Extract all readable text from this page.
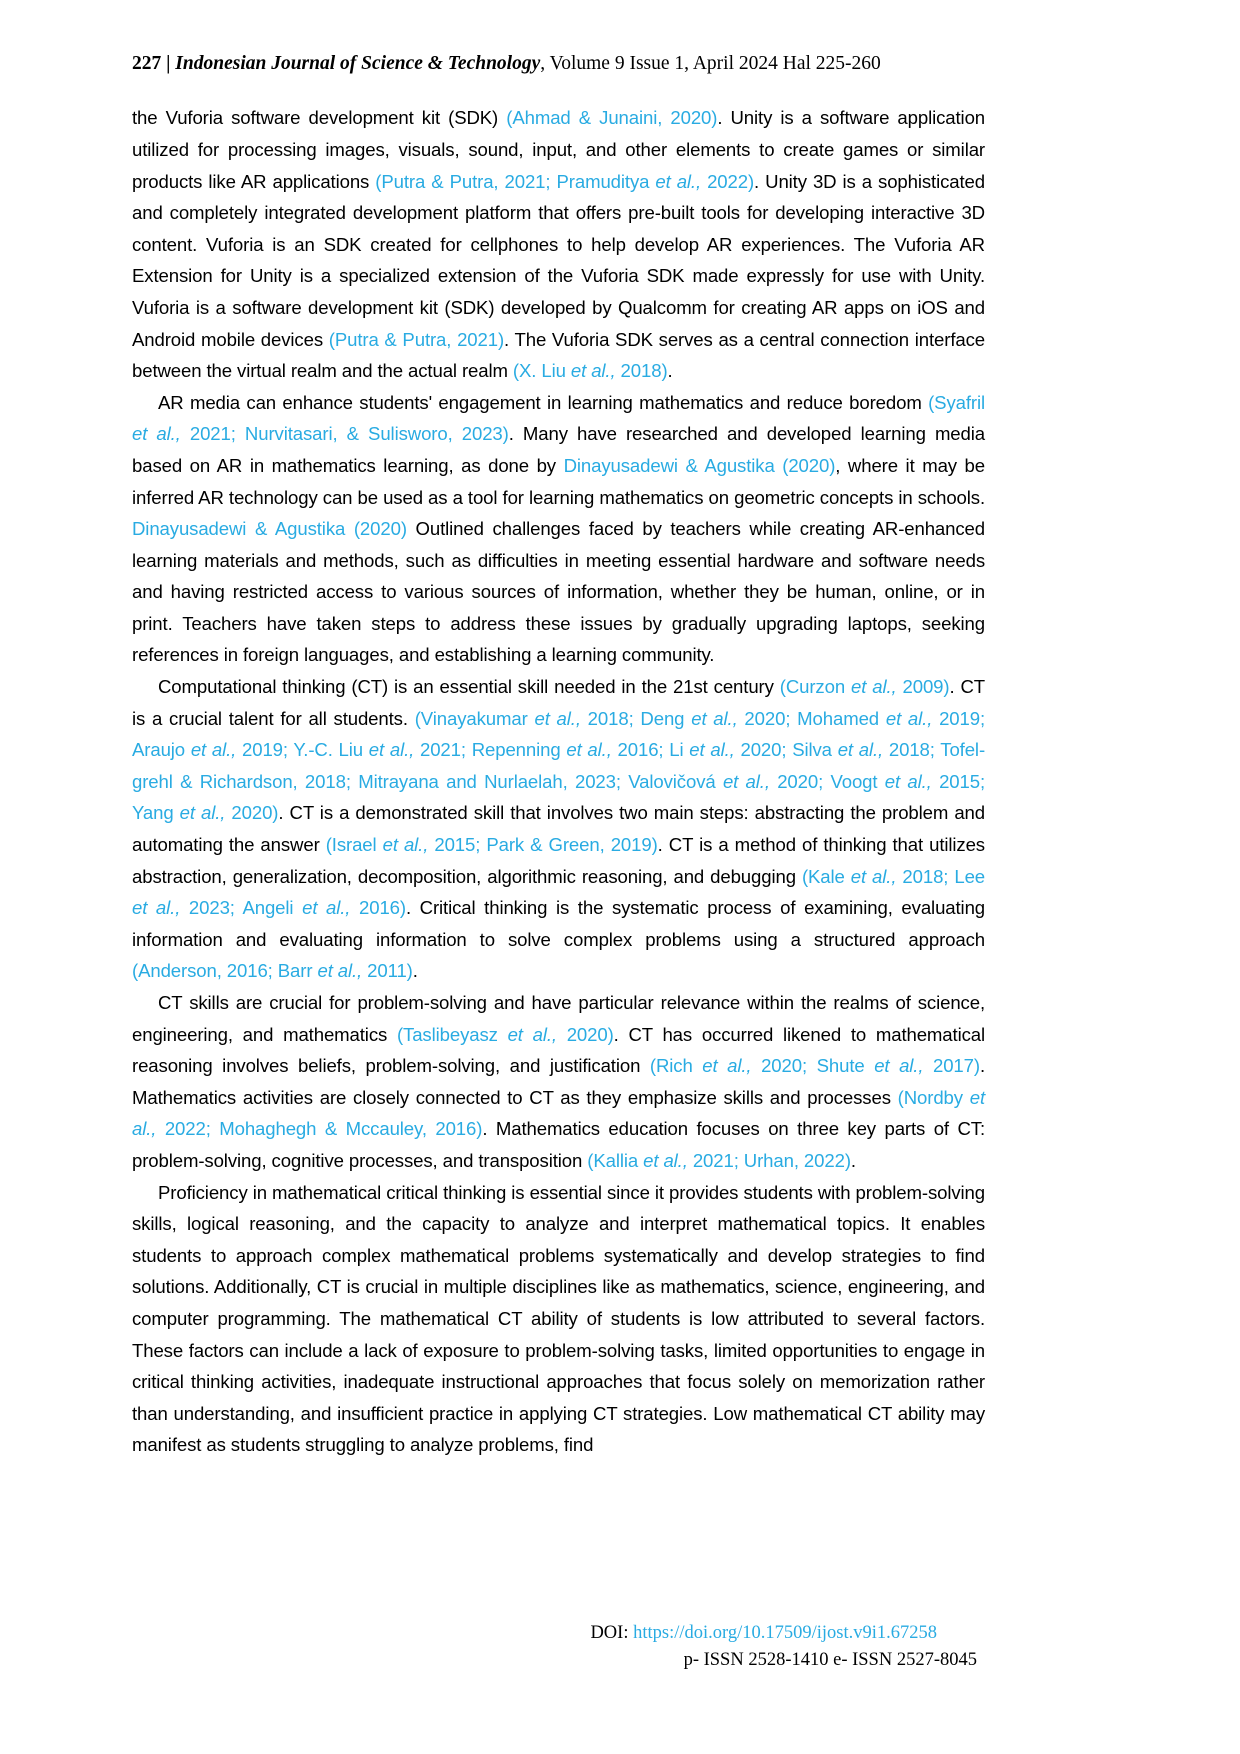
227 | Indonesian Journal of Science & Technology, Volume 9 Issue 1, April 2024 Hal 225-260

the Vuforia software development kit (SDK) (Ahmad & Junaini, 2020). Unity is a software application utilized for processing images, visuals, sound, input, and other elements to create games or similar products like AR applications (Putra & Putra, 2021; Pramuditya et al., 2022). Unity 3D is a sophisticated and completely integrated development platform that offers pre-built tools for developing interactive 3D content. Vuforia is an SDK created for cellphones to help develop AR experiences. The Vuforia AR Extension for Unity is a specialized extension of the Vuforia SDK made expressly for use with Unity. Vuforia is a software development kit (SDK) developed by Qualcomm for creating AR apps on iOS and Android mobile devices (Putra & Putra, 2021). The Vuforia SDK serves as a central connection interface between the virtual realm and the actual realm (X. Liu et al., 2018).

AR media can enhance students' engagement in learning mathematics and reduce boredom (Syafril et al., 2021; Nurvitasari, & Sulisworo, 2023). Many have researched and developed learning media based on AR in mathematics learning, as done by Dinayusadewi & Agustika (2020), where it may be inferred AR technology can be used as a tool for learning mathematics on geometric concepts in schools. Dinayusadewi & Agustika (2020) Outlined challenges faced by teachers while creating AR-enhanced learning materials and methods, such as difficulties in meeting essential hardware and software needs and having restricted access to various sources of information, whether they be human, online, or in print. Teachers have taken steps to address these issues by gradually upgrading laptops, seeking references in foreign languages, and establishing a learning community.

Computational thinking (CT) is an essential skill needed in the 21st century (Curzon et al., 2009). CT is a crucial talent for all students. (Vinayakumar et al., 2018; Deng et al., 2020; Mohamed et al., 2019; Araujo et al., 2019; Y.-C. Liu et al., 2021; Repenning et al., 2016; Li et al., 2020; Silva et al., 2018; Tofel-grehl & Richardson, 2018; Mitrayana and Nurlaelah, 2023; Valovičová et al., 2020; Voogt et al., 2015; Yang et al., 2020). CT is a demonstrated skill that involves two main steps: abstracting the problem and automating the answer (Israel et al., 2015; Park & Green, 2019). CT is a method of thinking that utilizes abstraction, generalization, decomposition, algorithmic reasoning, and debugging (Kale et al., 2018; Lee et al., 2023; Angeli et al., 2016). Critical thinking is the systematic process of examining, evaluating information and evaluating information to solve complex problems using a structured approach (Anderson, 2016; Barr et al., 2011).

CT skills are crucial for problem-solving and have particular relevance within the realms of science, engineering, and mathematics (Taslibeyasz et al., 2020). CT has occurred likened to mathematical reasoning involves beliefs, problem-solving, and justification (Rich et al., 2020; Shute et al., 2017). Mathematics activities are closely connected to CT as they emphasize skills and processes (Nordby et al., 2022; Mohaghegh & Mccauley, 2016). Mathematics education focuses on three key parts of CT: problem-solving, cognitive processes, and transposition (Kallia et al., 2021; Urhan, 2022).

Proficiency in mathematical critical thinking is essential since it provides students with problem-solving skills, logical reasoning, and the capacity to analyze and interpret mathematical topics. It enables students to approach complex mathematical problems systematically and develop strategies to find solutions. Additionally, CT is crucial in multiple disciplines like as mathematics, science, engineering, and computer programming. The mathematical CT ability of students is low attributed to several factors. These factors can include a lack of exposure to problem-solving tasks, limited opportunities to engage in critical thinking activities, inadequate instructional approaches that focus solely on memorization rather than understanding, and insufficient practice in applying CT strategies. Low mathematical CT ability may manifest as students struggling to analyze problems, find

DOI: https://doi.org/10.17509/ijost.v9i1.67258
p- ISSN 2528-1410 e- ISSN 2527-8045
